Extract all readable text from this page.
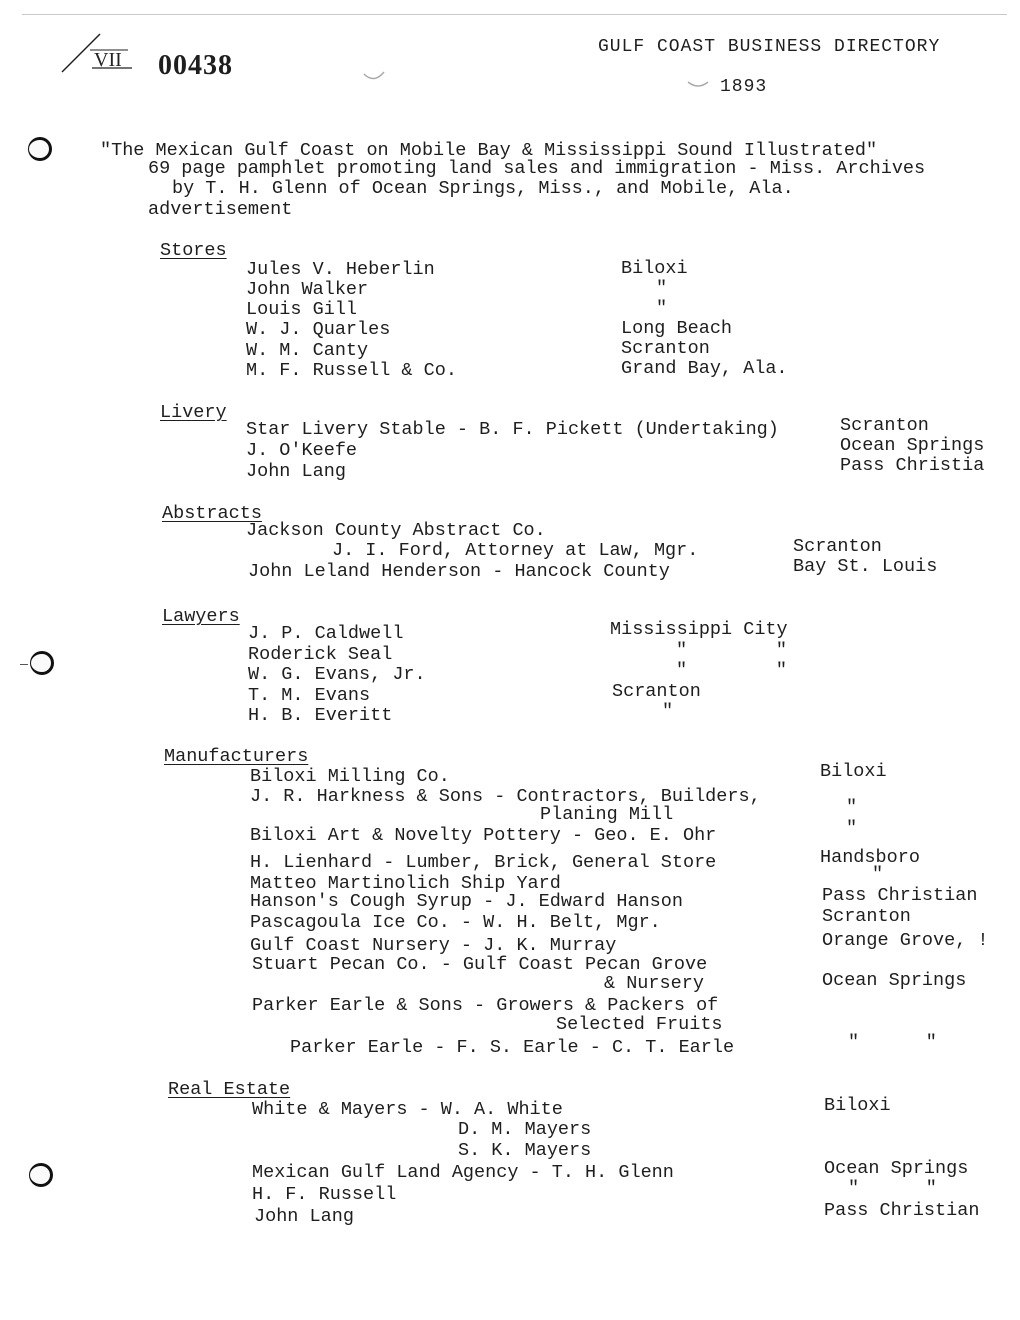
VII 00438
GULF COAST BUSINESS DIRECTORY
1893
"The Mexican Gulf Coast on Mobile Bay & Mississippi Sound Illustrated"
69 page pamphlet promoting land sales and immigration - Miss. Archives
by T. H. Glenn of Ocean Springs, Miss., and Mobile, Ala.
advertisement
Stores
Jules V. Heberlin	Biloxi
John Walker	"
Louis Gill	"
W. J. Quarles	Long Beach
W. M. Canty	Scranton
M. F. Russell & Co.	Grand Bay, Ala.
Livery
Star Livery Stable - B. F. Pickett (Undertaking)	Scranton
J. O'Keefe	Ocean Springs
John Lang	Pass Christia
Abstracts
Jackson County Abstract Co.
J. I. Ford, Attorney at Law, Mgr.	Scranton
John Leland Henderson - Hancock County	Bay St. Louis
Lawyers
J. P. Caldwell	Mississippi City
Roderick Seal	"        "
W. G. Evans, Jr.	"        "
T. M. Evans	Scranton
H. B. Everitt	"
Manufacturers
Biloxi Milling Co.	Biloxi
J. R. Harkness & Sons - Contractors, Builders,
Planing Mill	"
Biloxi Art & Novelty Pottery - Geo. E. Ohr	"
H. Lienhard - Lumber, Brick, General Store	Handsboro
Matteo Martinolich Ship Yard	"
Hanson's Cough Syrup - J. Edward Hanson	Pass Christian
Pascagoula Ice Co. - W. H. Belt, Mgr.	Scranton
Gulf Coast Nursery - J. K. Murray	Orange Grove, !
Stuart Pecan Co. - Gulf Coast Pecan Grove
& Nursery	Ocean Springs
Parker Earle & Sons - Growers & Packers of
Selected Fruits
Parker Earle - F. S. Earle - C. T. Earle	"      "
Real Estate
White & Mayers - W. A. White	Biloxi
D. M. Mayers
S. K. Mayers
Mexican Gulf Land Agency - T. H. Glenn	Ocean Springs
H. F. Russell	"      "
John Lang	Pass Christian
